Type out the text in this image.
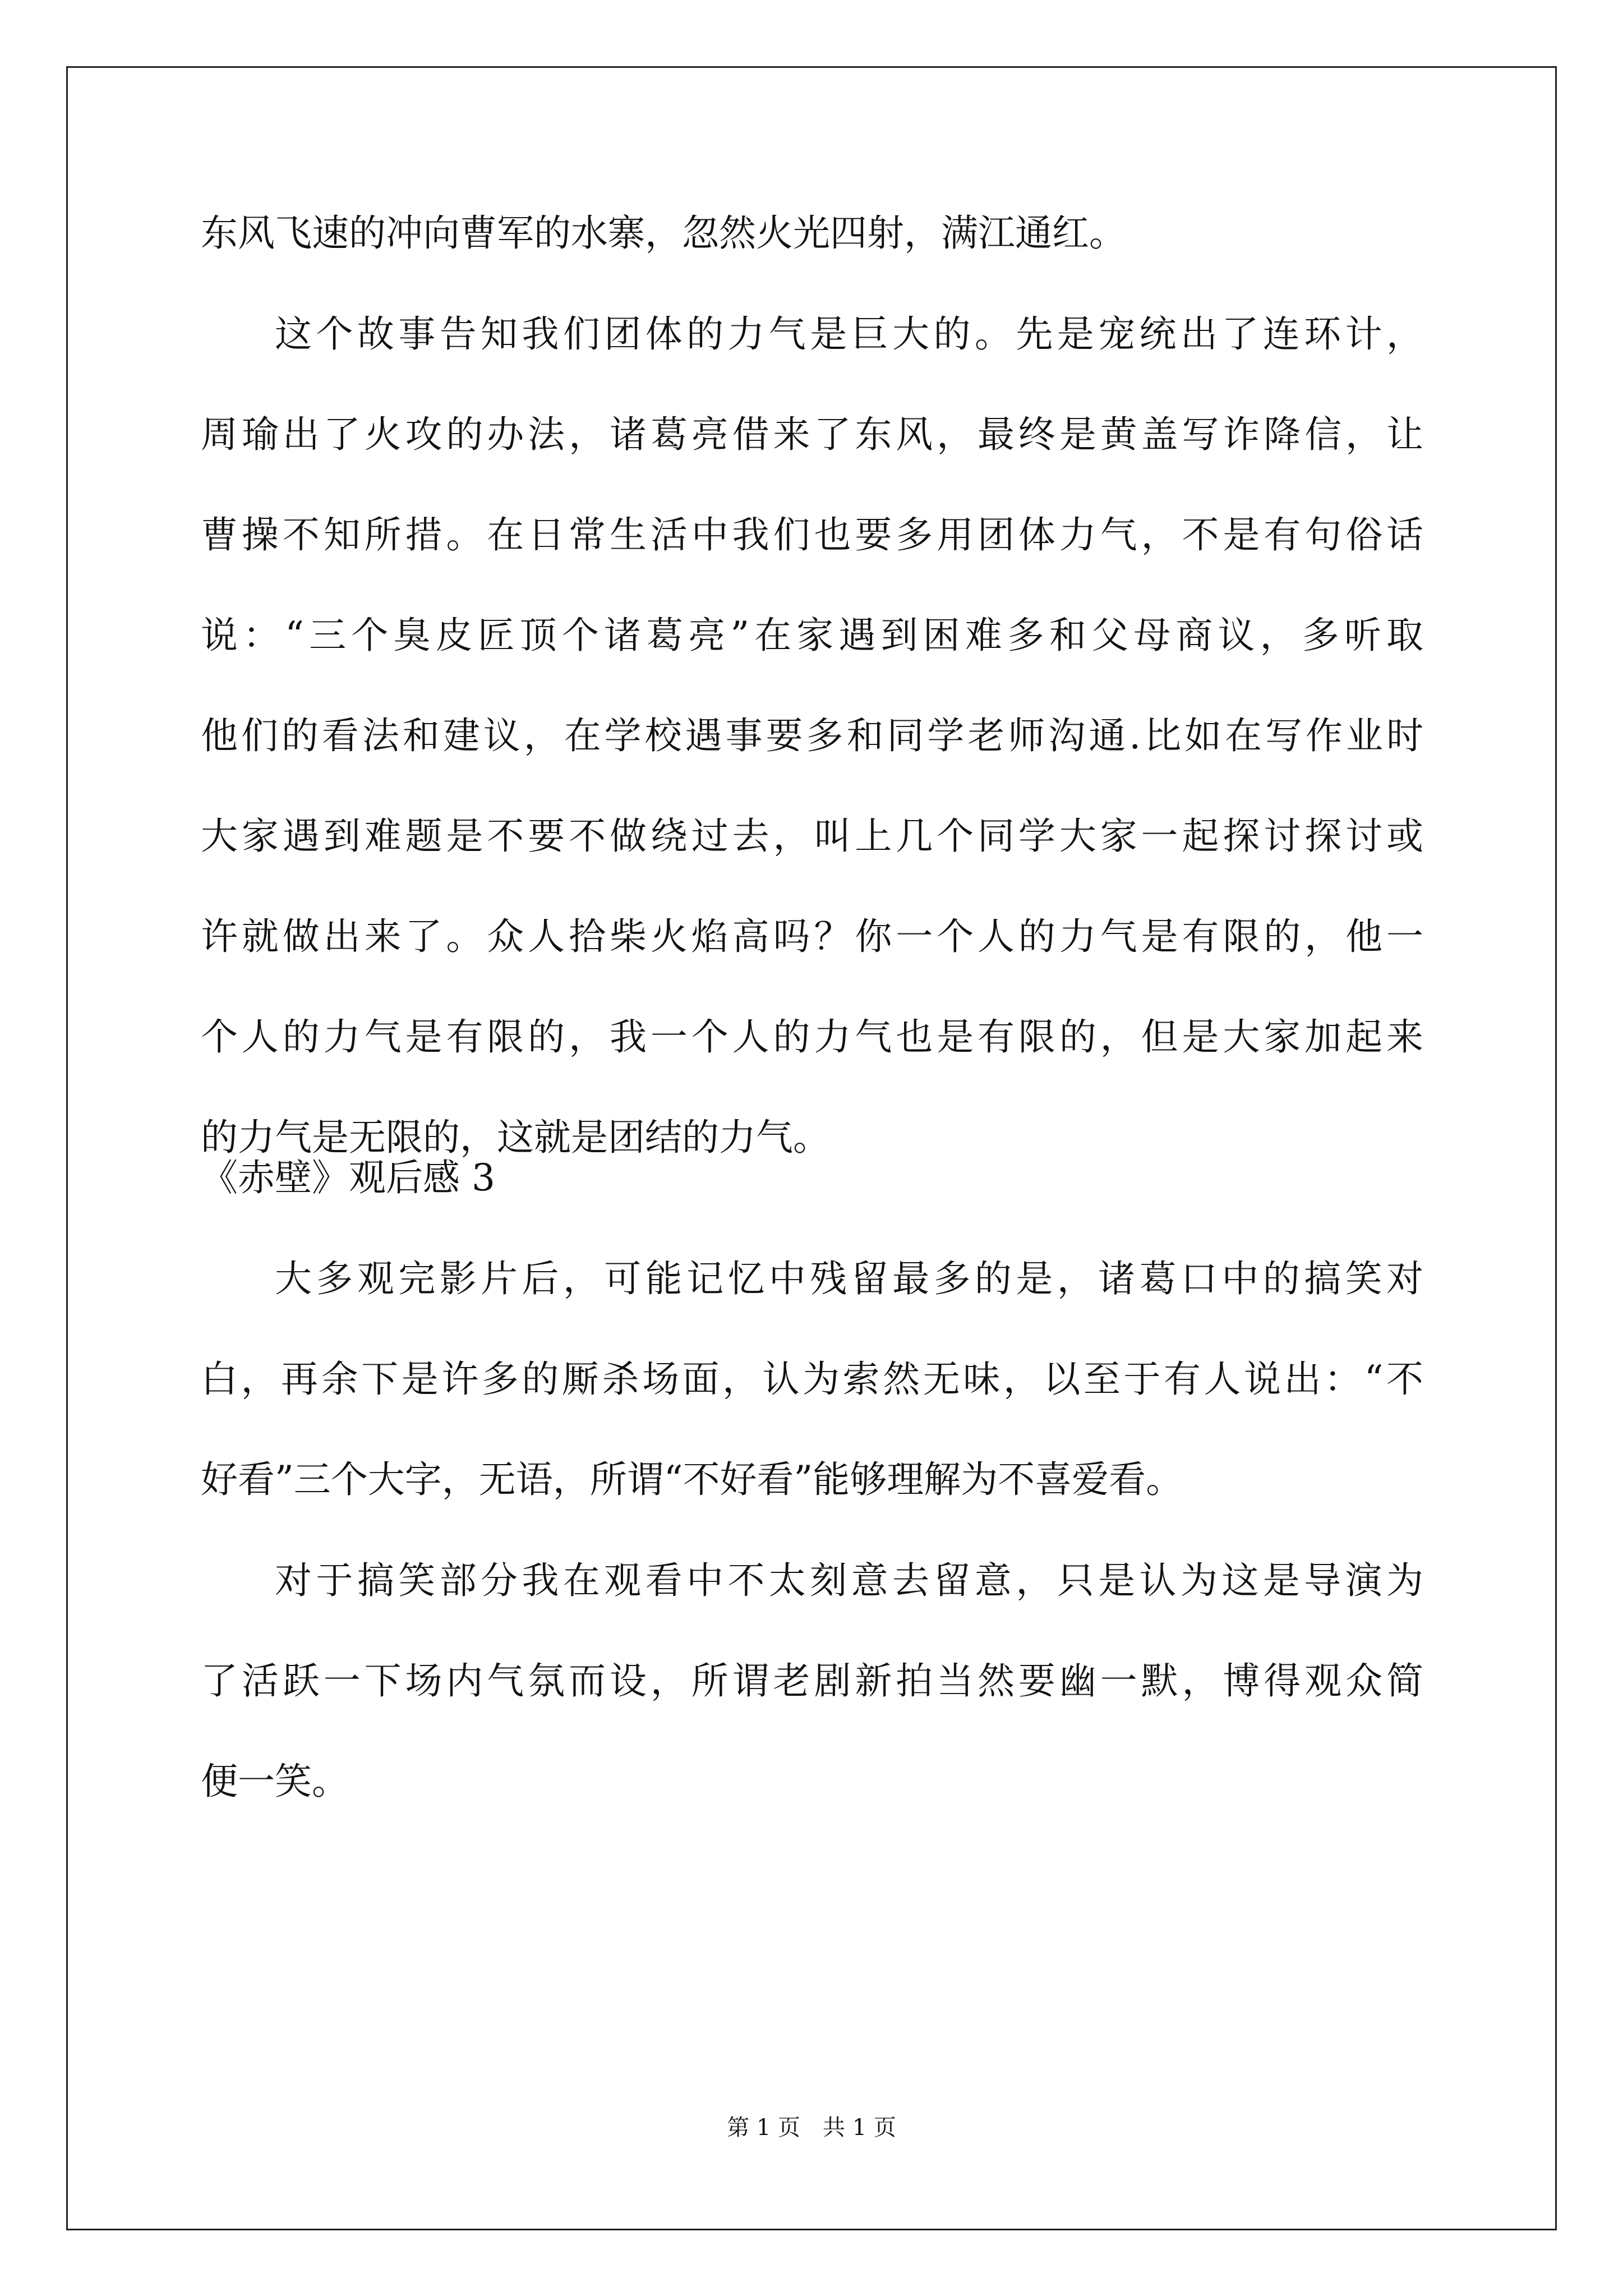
东风飞速的冲向曹军的水寨，忽然火光四射，满江通红。

这个故事告知我们团体的力气是巨大的。先是宠统出了连环计，

周瑜出了火攻的办法，诸葛亮借来了东风，最终是黄盖写诈降信，让

曹操不知所措。在日常生活中我们也要多用团体力气，不是有句俗话

说：“三个臭皮匠顶个诸葛亮”在家遇到困难多和父母商议，多听取

他们的看法和建议，在学校遇事要多和同学老师沟通.比如在写作业时

大家遇到难题是不要不做绕过去，叫上几个同学大家一起探讨探讨或

许就做出来了。众人拾柴火焰高吗？你一个人的力气是有限的，他一

个人的力气是有限的，我一个人的力气也是有限的，但是大家加起来

的力气是无限的，这就是团结的力气。

《赤壁》观后感 3

大多观完影片后，可能记忆中残留最多的是，诸葛口中的搞笑对

白，再余下是许多的厮杀场面，认为索然无味，以至于有人说出：“不

好看”三个大字，无语，所谓“不好看”能够理解为不喜爱看。

对于搞笑部分我在观看中不太刻意去留意，只是认为这是导演为

了活跃一下场内气氛而设，所谓老剧新拍当然要幽一默，博得观众简

便一笑。

第 1 页　共 1 页
